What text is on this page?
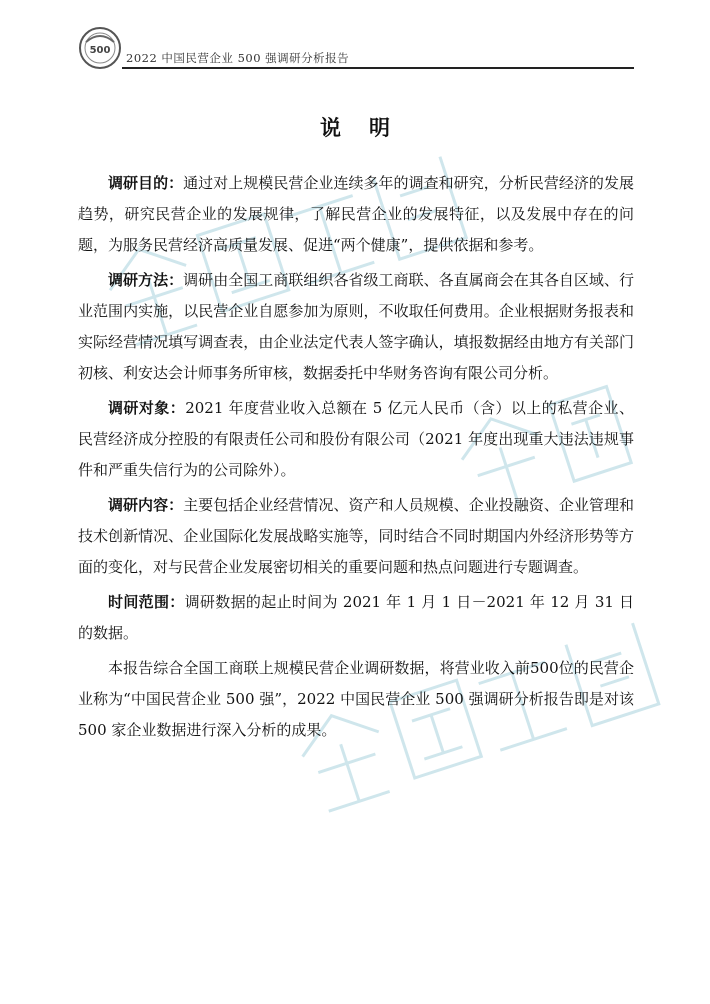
500
2022 中国民营企业 500 强调研分析报告
说明

调研目的：通过对上规模民营企业连续多年的调查和研究，分析民营经济的发展趋势，研究民营企业的发展规律，了解民营企业的发展特征，以及发展中存在的问题，为服务民营经济高质量发展、促进“两个健康”，提供依据和参考。

调研方法：调研由全国工商联组织各省级工商联、各直属商会在其各自区域、行业范围内实施，以民营企业自愿参加为原则，不收取任何费用。企业根据财务报表和实际经营情况填写调查表，由企业法定代表人签字确认，填报数据经由地方有关部门初核、利安达会计师事务所审核，数据委托中华财务咨询有限公司分析。

调研对象：2021 年度营业收入总额在 5 亿元人民币（含）以上的私营企业、民营经济成分控股的有限责任公司和股份有限公司（2021 年度出现重大违法违规事件和严重失信行为的公司除外）。

调研内容：主要包括企业经营情况、资产和人员规模、企业投融资、企业管理和技术创新情况、企业国际化发展战略实施等，同时结合不同时期国内外经济形势等方面的变化，对与民营企业发展密切相关的重要问题和热点问题进行专题调查。

时间范围：调研数据的起止时间为 2021 年 1 月 1 日－2021 年 12 月 31 日的数据。

本报告综合全国工商联上规模民营企业调研数据，将营业收入前500位的民营企业称为“中国民营企业 500 强”，2022 中国民营企业 500 强调研分析报告即是对该 500 家企业数据进行深入分析的成果。
